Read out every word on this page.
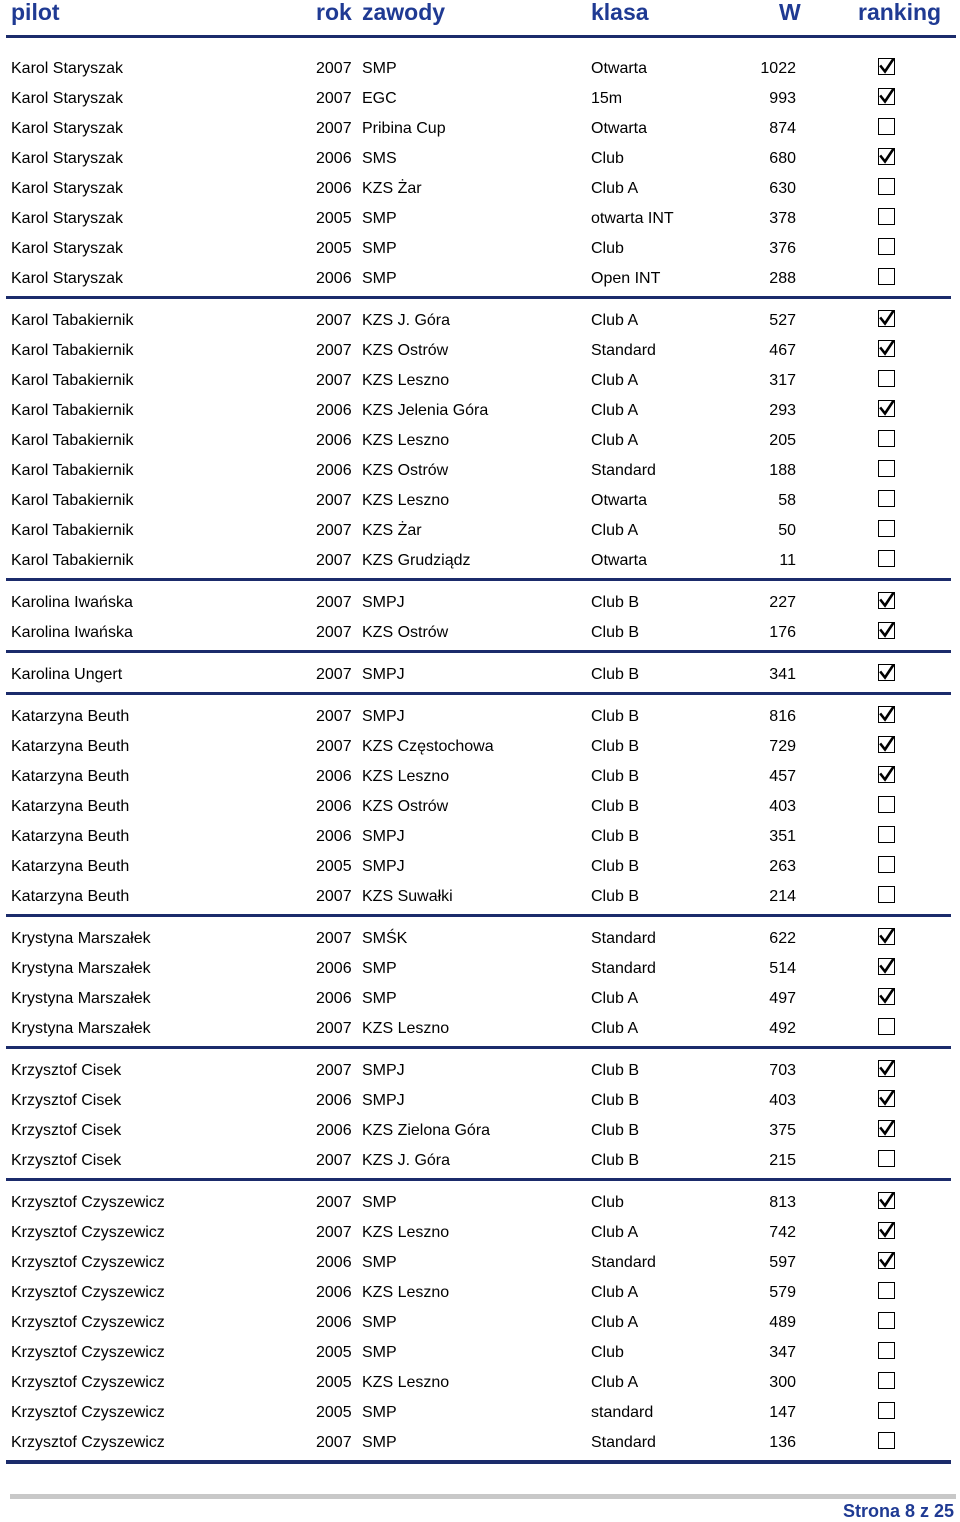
pilot	rok zawody	klasa	W ranking
Karol Staryszak	2007 SMP	Otwarta	1022
Karol Staryszak	2007 EGC	15m	993
Karol Staryszak	2007 Pribina Cup	Otwarta	874
Karol Staryszak	2006 SMS	Club	680
Karol Staryszak	2006 KZS Żar	Club A	630
Karol Staryszak	2005 SMP	otwarta INT	378
Karol Staryszak	2005 SMP	Club	376
Karol Staryszak	2006 SMP	Open INT	288
Karol Tabakiernik	2007 KZS J. Góra	Club A	527
Karol Tabakiernik	2007 KZS Ostrów	Standard	467
Karol Tabakiernik	2007 KZS Leszno	Club A	317
Karol Tabakiernik	2006 KZS Jelenia Góra	Club A	293
Karol Tabakiernik	2006 KZS Leszno	Club A	205
Karol Tabakiernik	2006 KZS Ostrów	Standard	188
Karol Tabakiernik	2007 KZS Leszno	Otwarta	58
Karol Tabakiernik	2007 KZS Żar	Club A	50
Karol Tabakiernik	2007 KZS Grudziądz	Otwarta	11
Karolina Iwańska	2007 SMPJ	Club B	227
Karolina Iwańska	2007 KZS Ostrów	Club B	176
Karolina Ungert	2007 SMPJ	Club B	341
Katarzyna Beuth	2007 SMPJ	Club B	816
Katarzyna Beuth	2007 KZS Częstochowa	Club B	729
Katarzyna Beuth	2006 KZS Leszno	Club B	457
Katarzyna Beuth	2006 KZS Ostrów	Club B	403
Katarzyna Beuth	2006 SMPJ	Club B	351
Katarzyna Beuth	2005 SMPJ	Club B	263
Katarzyna Beuth	2007 KZS Suwałki	Club B	214
Krystyna Marszałek	2007 SMŚK	Standard	622
Krystyna Marszałek	2006 SMP	Standard	514
Krystyna Marszałek	2006 SMP	Club A	497
Krystyna Marszałek	2007 KZS Leszno	Club A	492
Krzysztof Cisek	2007 SMPJ	Club B	703
Krzysztof Cisek	2006 SMPJ	Club B	403
Krzysztof Cisek	2006 KZS Zielona Góra	Club B	375
Krzysztof Cisek	2007 KZS J. Góra	Club B	215
Krzysztof Czyszewicz	2007 SMP	Club	813
Krzysztof Czyszewicz	2007 KZS Leszno	Club A	742
Krzysztof Czyszewicz	2006 SMP	Standard	597
Krzysztof Czyszewicz	2006 KZS Leszno	Club A	579
Krzysztof Czyszewicz	2006 SMP	Club A	489
Krzysztof Czyszewicz	2005 SMP	Club	347
Krzysztof Czyszewicz	2005 KZS Leszno	Club A	300
Krzysztof Czyszewicz	2005 SMP	standard	147
Krzysztof Czyszewicz	2007 SMP	Standard	136
Strona 8 z 25
